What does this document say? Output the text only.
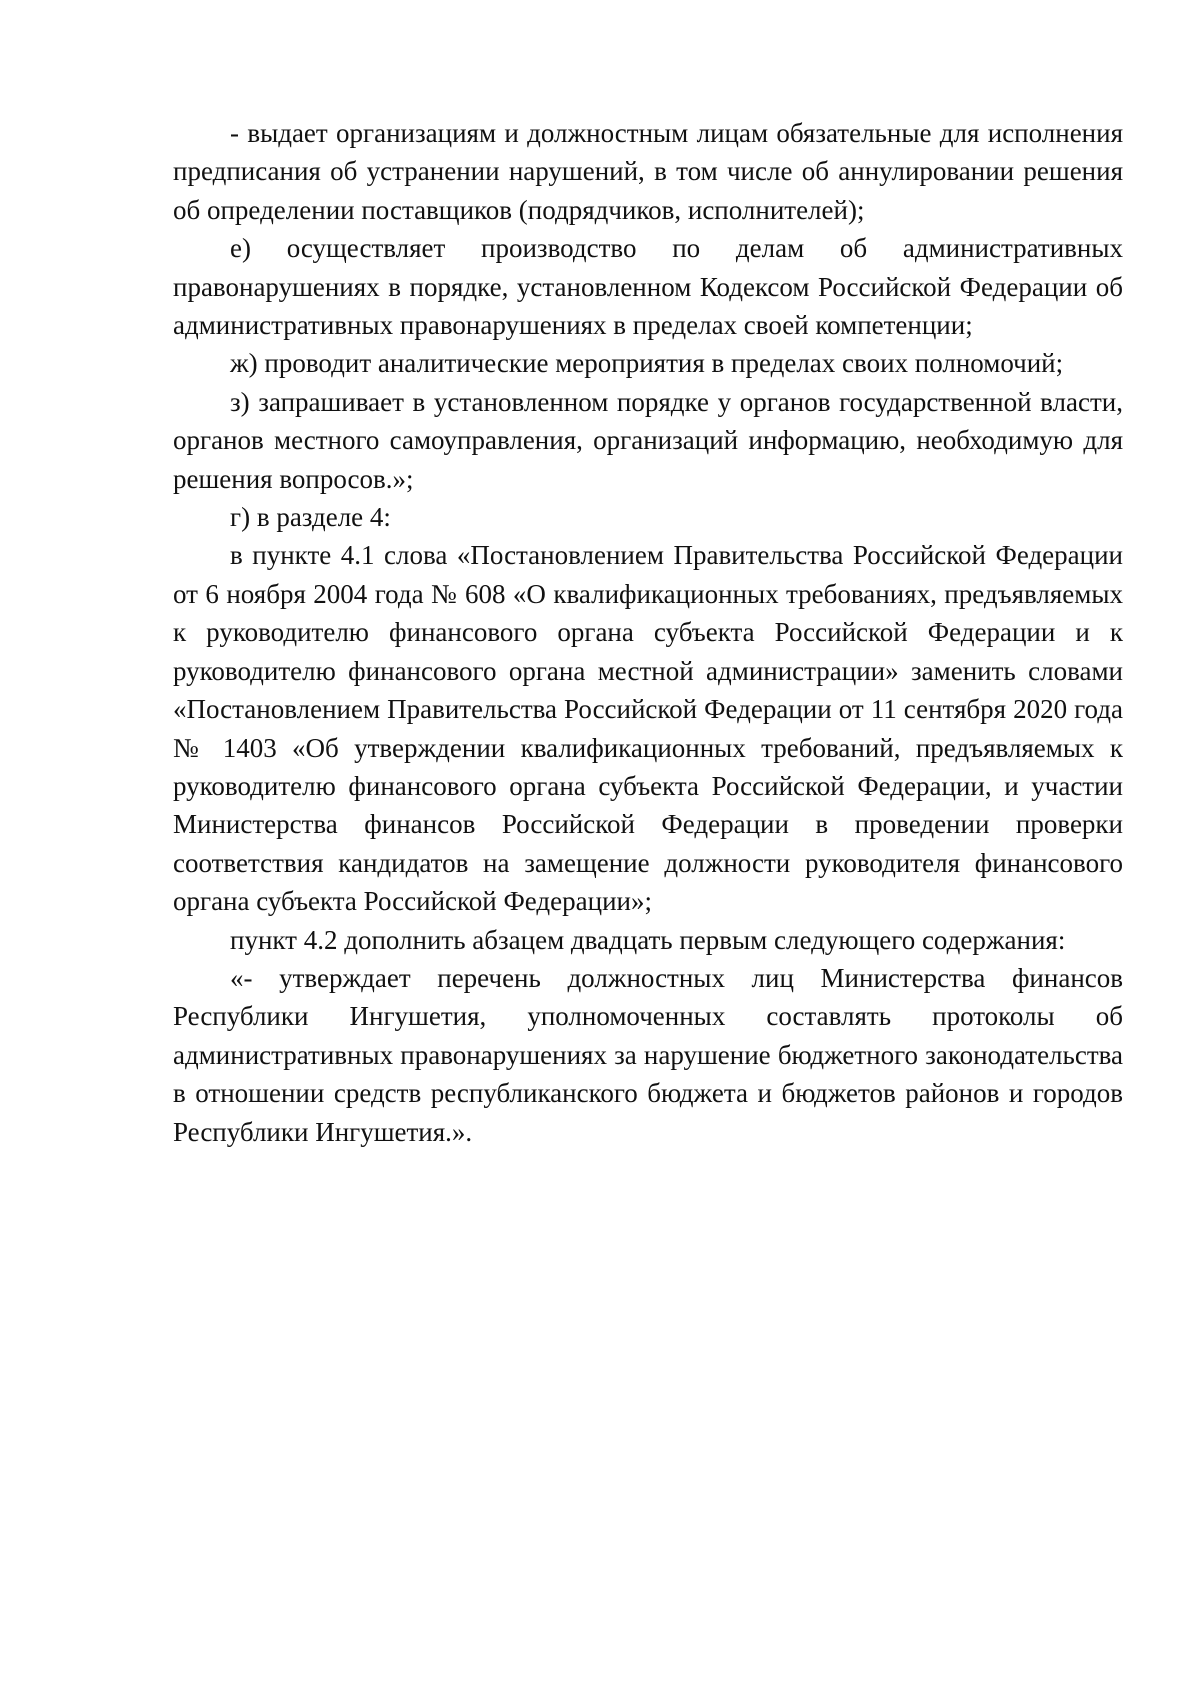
- выдает организациям и должностным лицам обязательные для исполнения предписания об устранении нарушений, в том числе об аннулировании решения об определении поставщиков (подрядчиков, исполнителей);

е) осуществляет производство по делам об административных правонарушениях в порядке, установленном Кодексом Российской Федерации об административных правонарушениях в пределах своей компетенции;

ж) проводит аналитические мероприятия в пределах своих полномочий;

з) запрашивает в установленном порядке у органов государственной власти, органов местного самоуправления, организаций информацию, необходимую для решения вопросов.»;

г) в разделе 4:

в пункте 4.1 слова «Постановлением Правительства Российской Федерации от 6 ноября 2004 года № 608 «О квалификационных требованиях, предъявляемых к руководителю финансового органа субъекта Российской Федерации и к руководителю финансового органа местной администрации» заменить словами «Постановлением Правительства Российской Федерации от 11 сентября 2020 года № 1403 «Об утверждении квалификационных требований, предъявляемых к руководителю финансового органа субъекта Российской Федерации, и участии Министерства финансов Российской Федерации в проведении проверки соответствия кандидатов на замещение должности руководителя финансового органа субъекта Российской Федерации»;

пункт 4.2 дополнить абзацем двадцать первым следующего содержания:

«- утверждает перечень должностных лиц Министерства финансов Республики Ингушетия, уполномоченных составлять протоколы об административных правонарушениях за нарушение бюджетного законодательства в отношении средств республиканского бюджета и бюджетов районов и городов Республики Ингушетия.».
